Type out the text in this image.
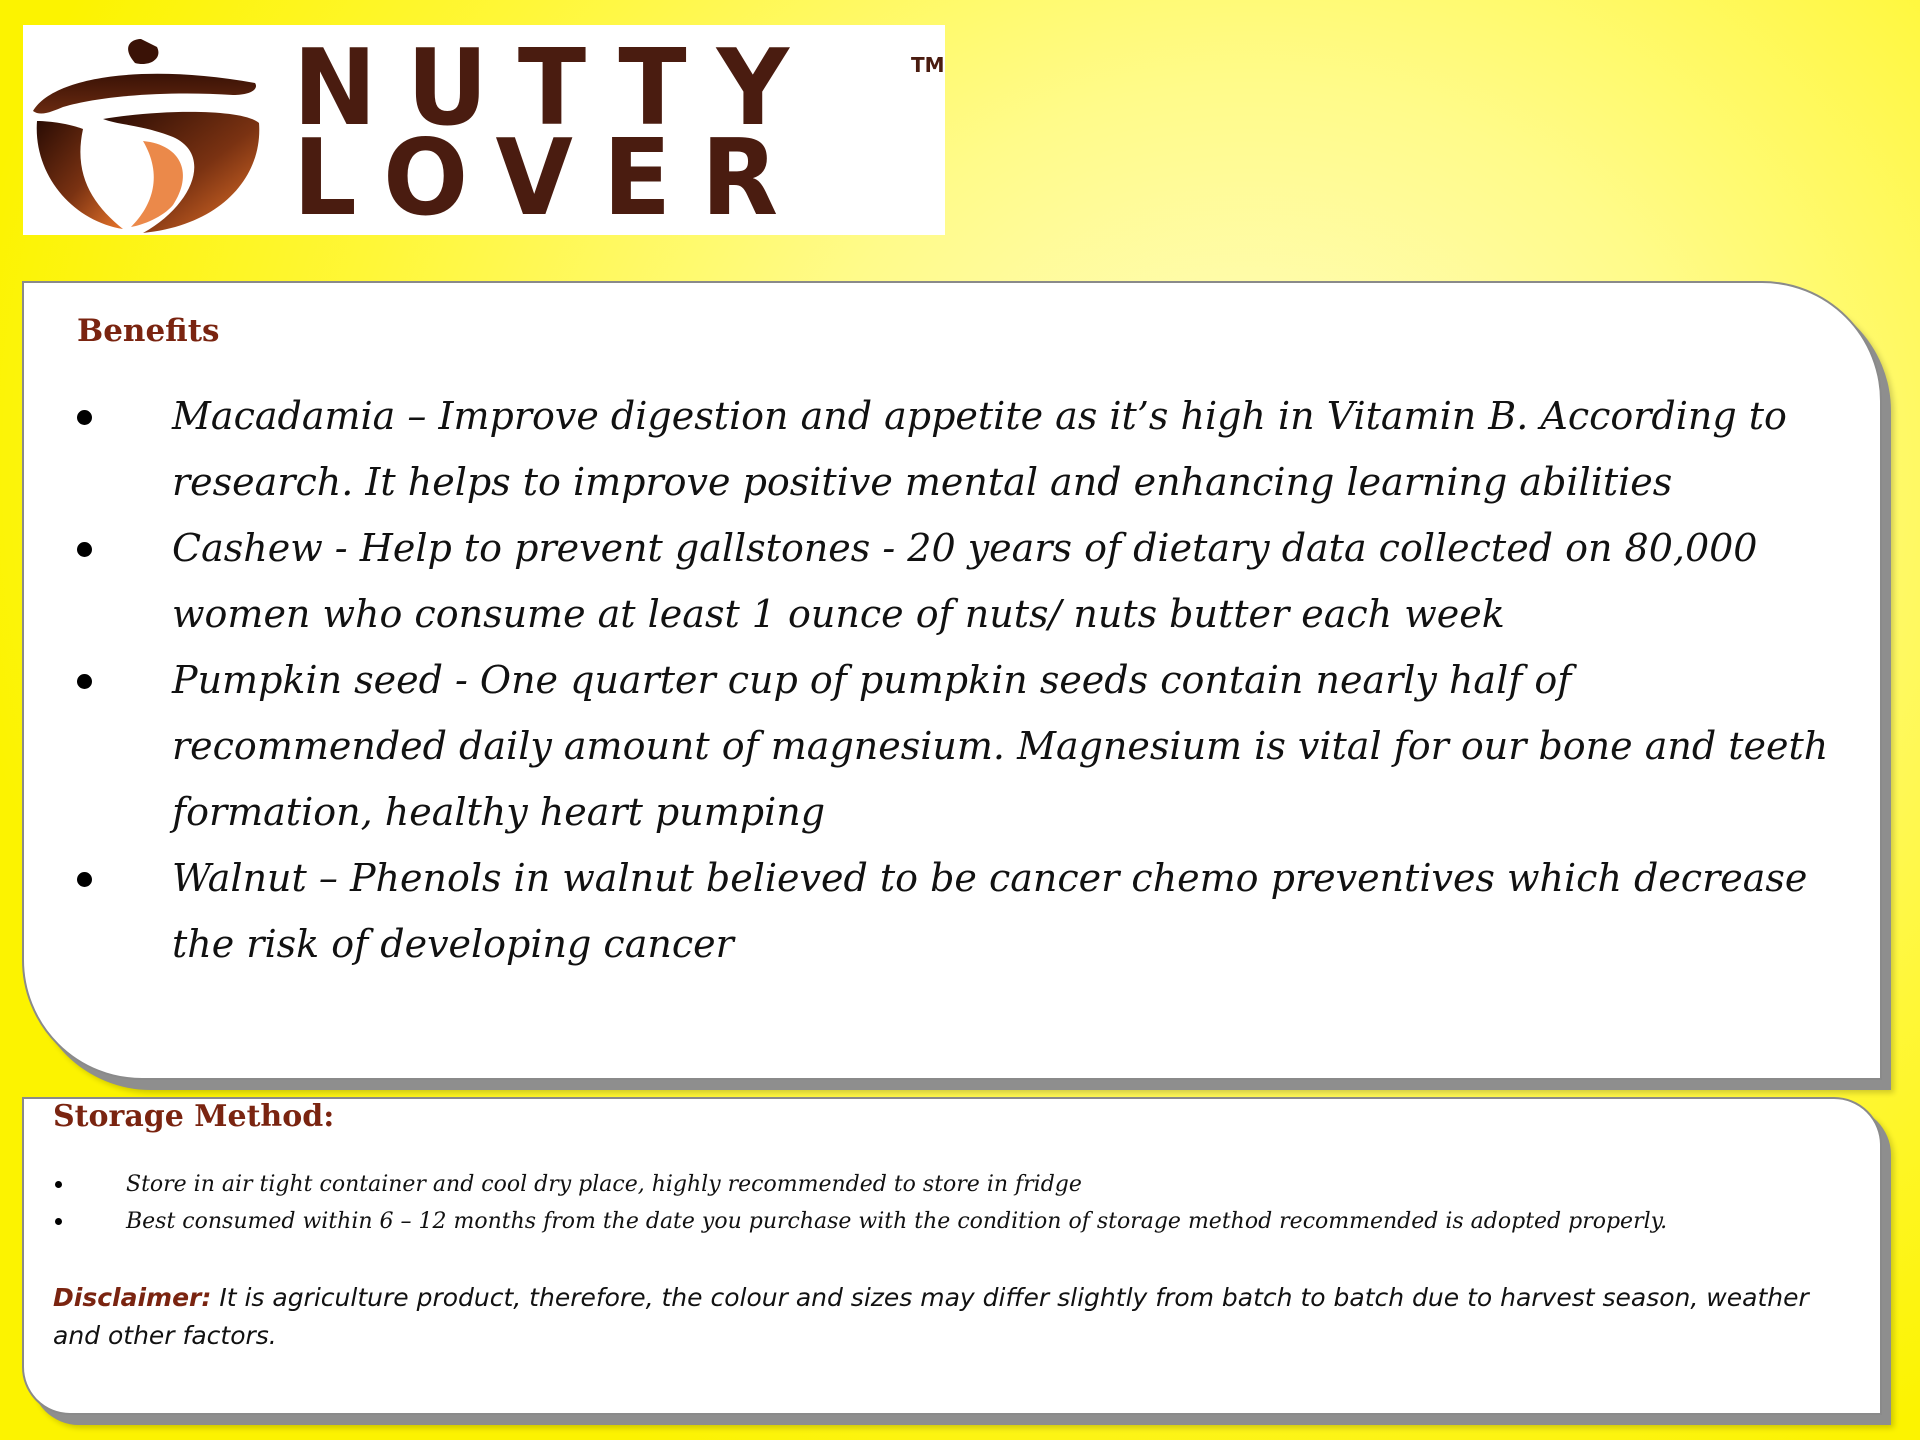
NUTTY
LOVER
TM
Benefits
Macadamia – Improve digestion and appetite as it’s high in Vitamin B. According to research. It helps to improve positive mental and enhancing learning abilities
Cashew - Help to prevent gallstones - 20 years of dietary data collected on 80,000 women who consume at least 1 ounce of nuts/ nuts butter each week
Pumpkin seed - One quarter cup of pumpkin seeds contain nearly half of recommended daily amount of magnesium. Magnesium is vital for our bone and teeth formation, healthy heart pumping
Walnut – Phenols in walnut believed to be cancer chemo preventives which decrease the risk of developing cancer
Storage Method:
Store in air tight container and cool dry place, highly recommended to store in fridge
Best consumed within 6 – 12 months from the date you purchase with the condition of storage method recommended is adopted properly.

Disclaimer: It is agriculture product, therefore, the colour and sizes may differ slightly from batch to batch due to harvest season, weather and other factors.
